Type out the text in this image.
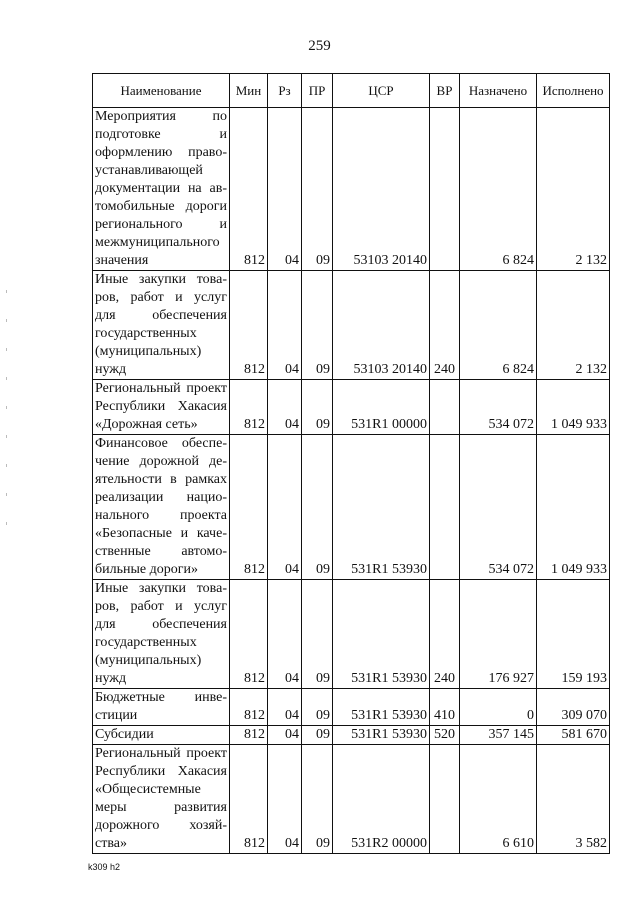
259
Наименование	Мин	Рз	ПР	ЦСР	ВР	Назначено	Исполнено
Мероприятия по подготовке и оформлению правоустанавливающей документации на автомобильные дороги регионального и межмуниципального значения	812	04	09	53103 20140		6 824	2 132
Иные закупки товаров, работ и услуг для обеспечения государственных (муниципальных) нужд	812	04	09	53103 20140	240	6 824	2 132
Региональный проект Республики Хакасия «Дорожная сеть»	812	04	09	531R1 00000		534 072	1 049 933
Финансовое обеспечение дорожной деятельности в рамках реализации национального проекта «Безопасные и качественные автомобильные дороги»	812	04	09	531R1 53930		534 072	1 049 933
Иные закупки товаров, работ и услуг для обеспечения государственных (муниципальных) нужд	812	04	09	531R1 53930	240	176 927	159 193
Бюджетные инвестиции	812	04	09	531R1 53930	410	0	309 070
Субсидии	812	04	09	531R1 53930	520	357 145	581 670
Региональный проект Республики Хакасия «Общесистемные меры развития дорожного хозяйства»	812	04	09	531R2 00000		6 610	3 582
k309 h2
